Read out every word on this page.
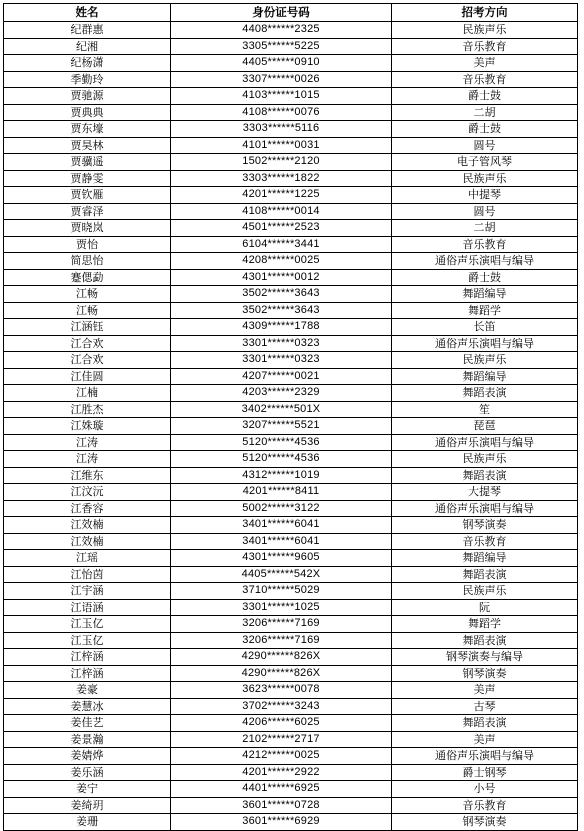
姓名	身份证号码	招考方向
纪群惠	4408******2325	民族声乐
纪湘	3305******5225	音乐教育
纪杨潇	4405******0910	美声
季勤玲	3307******0026	音乐教育
贾驰源	4103******1015	爵士鼓
贾典典	4108******0076	二胡
贾东壕	3303******5116	爵士鼓
贾昊林	4101******0031	圆号
贾骥遥	1502******2120	电子管风琴
贾静雯	3303******1822	民族声乐
贾钦雁	4201******1225	中提琴
贾睿泽	4108******0014	圆号
贾晓岚	4501******2523	二胡
贾怡	6104******3441	音乐教育
简思怡	4208******0025	通俗声乐演唱与编导
蹇偲勐	4301******0012	爵士鼓
江畅	3502******3643	舞蹈编导
江畅	3502******3643	舞蹈学
江涵钰	4309******1788	长笛
江合欢	3301******0323	通俗声乐演唱与编导
江合欢	3301******0323	民族声乐
江佳圆	4207******0021	舞蹈编导
江楠	4203******2329	舞蹈表演
江胜杰	3402******501X	笙
江姝璇	3207******5521	琵琶
江涛	5120******4536	通俗声乐演唱与编导
江涛	5120******4536	民族声乐
江维东	4312******1019	舞蹈表演
江汶沅	4201******8411	大提琴
江香容	5002******3122	通俗声乐演唱与编导
江效楠	3401******6041	钢琴演奏
江效楠	3401******6041	音乐教育
江瑶	4301******9605	舞蹈编导
江怡茵	4405******542X	舞蹈表演
江宇涵	3710******5029	民族声乐
江语涵	3301******1025	阮
江玉亿	3206******7169	舞蹈学
江玉亿	3206******7169	舞蹈表演
江梓涵	4290******826X	钢琴演奏与编导
江梓涵	4290******826X	钢琴演奏
姜豪	3623******0078	美声
姜慧冰	3702******3243	古琴
姜佳艺	4206******6025	舞蹈表演
姜景瀚	2102******2717	美声
姜婧烨	4212******0025	通俗声乐演唱与编导
姜乐涵	4201******2922	爵士钢琴
姜宁	4401******6925	小号
姜绮玥	3601******0728	音乐教育
姜珊	3601******6929	钢琴演奏
